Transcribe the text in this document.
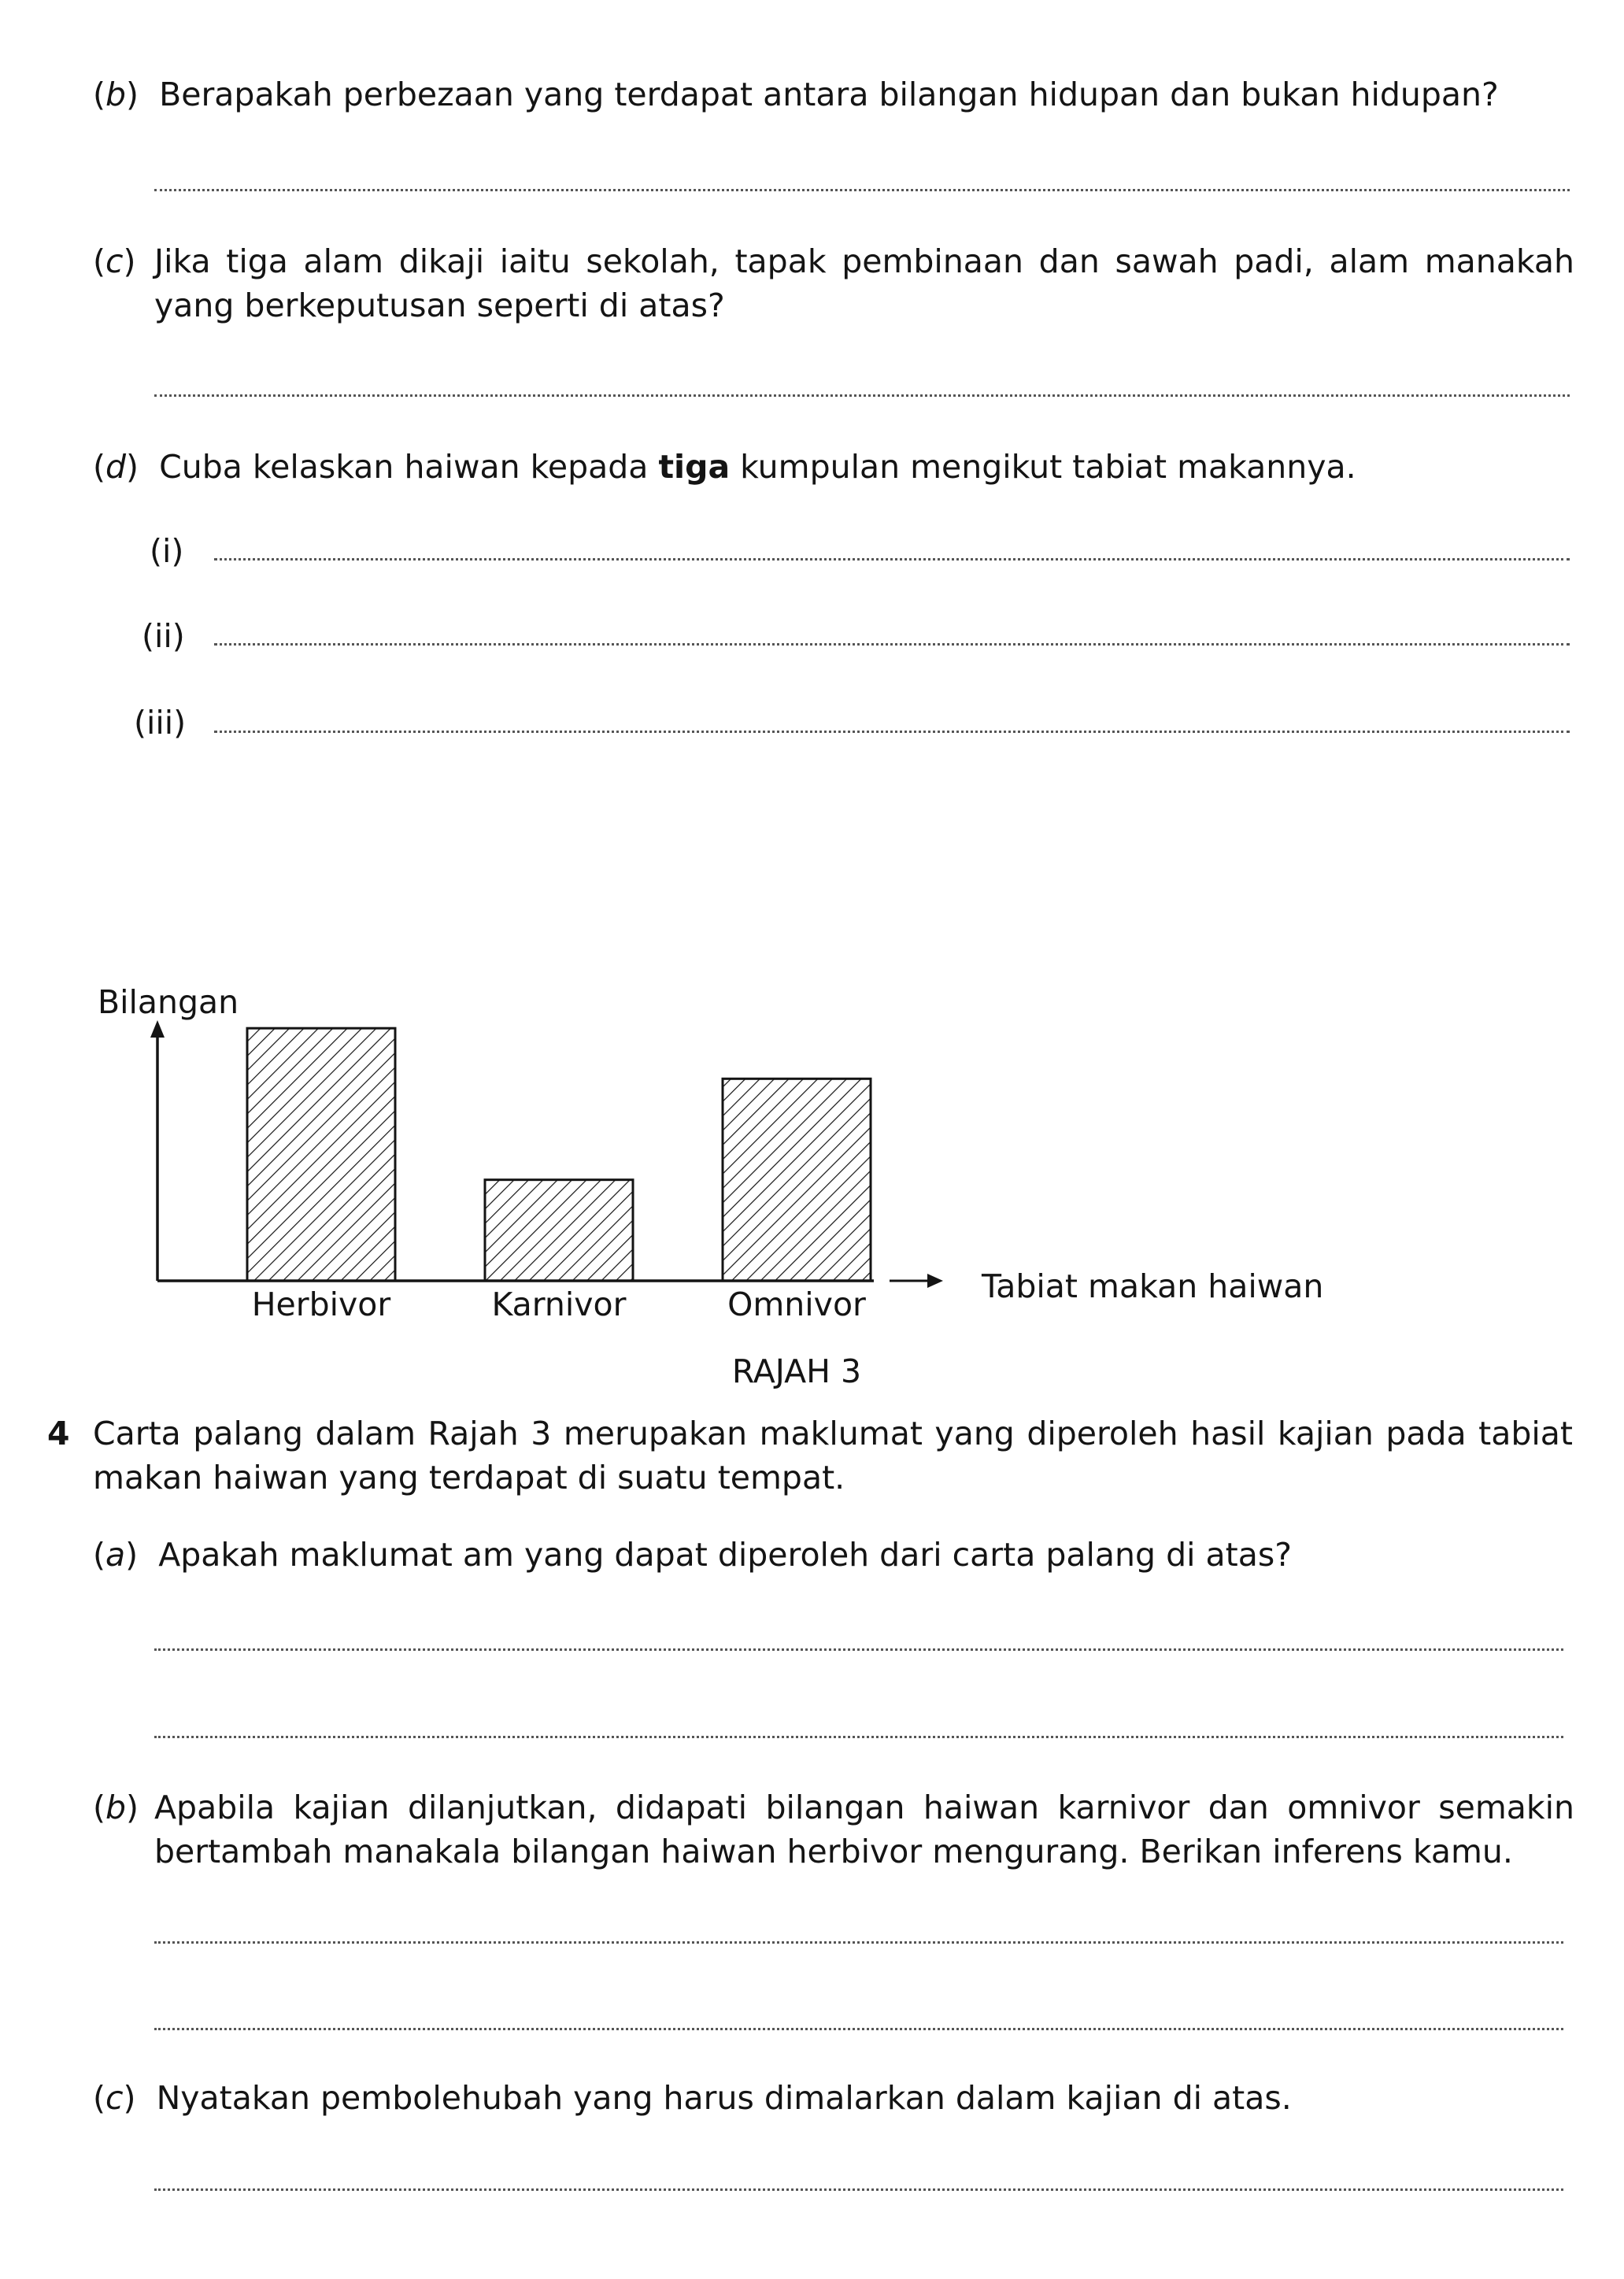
(b)  Berapakah perbezaan yang terdapat antara bilangan hidupan dan bukan hidupan?
(c) Jika tiga alam dikaji iaitu sekolah, tapak pembinaan dan sawah padi, alam manakah yang berkeputusan seperti di atas?
(d)  Cuba kelaskan haiwan kepada tiga kumpulan mengikut tabiat makannya.
(i)
(ii)
(iii)
Bilangan
Tabiat makan haiwan
Herbivor	Karnivor	Omnivor
RAJAH 3
4 Carta palang dalam Rajah 3 merupakan maklumat yang diperoleh hasil kajian pada tabiat makan haiwan yang terdapat di suatu tempat.
(a)  Apakah maklumat am yang dapat diperoleh dari carta palang di atas?
(b) Apabila kajian dilanjutkan, didapati bilangan haiwan karnivor dan omnivor semakin bertambah manakala bilangan haiwan herbivor mengurang. Berikan inferens kamu.
(c)  Nyatakan pembolehubah yang harus dimalarkan dalam kajian di atas.
